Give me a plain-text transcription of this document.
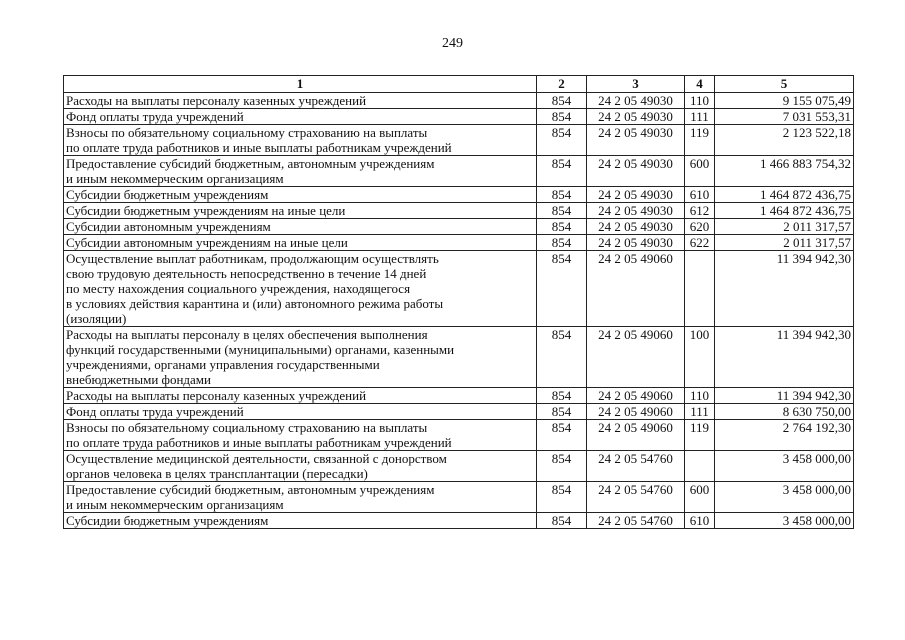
249
1	2	3	4	5
Расходы на выплаты персоналу казенных учреждений	854	24 2 05 49030	110	9 155 075,49
Фонд оплаты труда учреждений	854	24 2 05 49030	111	7 031 553,31
Взносы по обязательному социальному страхованию на выплаты
по оплате труда работников и иные выплаты работникам учреждений	854	24 2 05 49030	119	2 123 522,18
Предоставление субсидий бюджетным, автономным учреждениям
и иным некоммерческим организациям	854	24 2 05 49030	600	1 466 883 754,32
Субсидии бюджетным учреждениям	854	24 2 05 49030	610	1 464 872 436,75
Субсидии бюджетным учреждениям на иные цели	854	24 2 05 49030	612	1 464 872 436,75
Субсидии автономным учреждениям	854	24 2 05 49030	620	2 011 317,57
Субсидии автономным учреждениям на иные цели	854	24 2 05 49030	622	2 011 317,57
Осуществление выплат работникам, продолжающим осуществлять
свою трудовую деятельность непосредственно в течение 14 дней
по месту нахождения социального учреждения, находящегося
в условиях действия карантина и (или) автономного режима работы
(изоляции)	854	24 2 05 49060		11 394 942,30
Расходы на выплаты персоналу в целях обеспечения выполнения
функций государственными (муниципальными) органами, казенными
учреждениями, органами управления государственными
внебюджетными фондами	854	24 2 05 49060	100	11 394 942,30
Расходы на выплаты персоналу казенных учреждений	854	24 2 05 49060	110	11 394 942,30
Фонд оплаты труда учреждений	854	24 2 05 49060	111	8 630 750,00
Взносы по обязательному социальному страхованию на выплаты
по оплате труда работников и иные выплаты работникам учреждений	854	24 2 05 49060	119	2 764 192,30
Осуществление медицинской деятельности, связанной с донорством
органов человека в целях трансплантации (пересадки)	854	24 2 05 54760		3 458 000,00
Предоставление субсидий бюджетным, автономным учреждениям
и иным некоммерческим организациям	854	24 2 05 54760	600	3 458 000,00
Субсидии бюджетным учреждениям	854	24 2 05 54760	610	3 458 000,00
